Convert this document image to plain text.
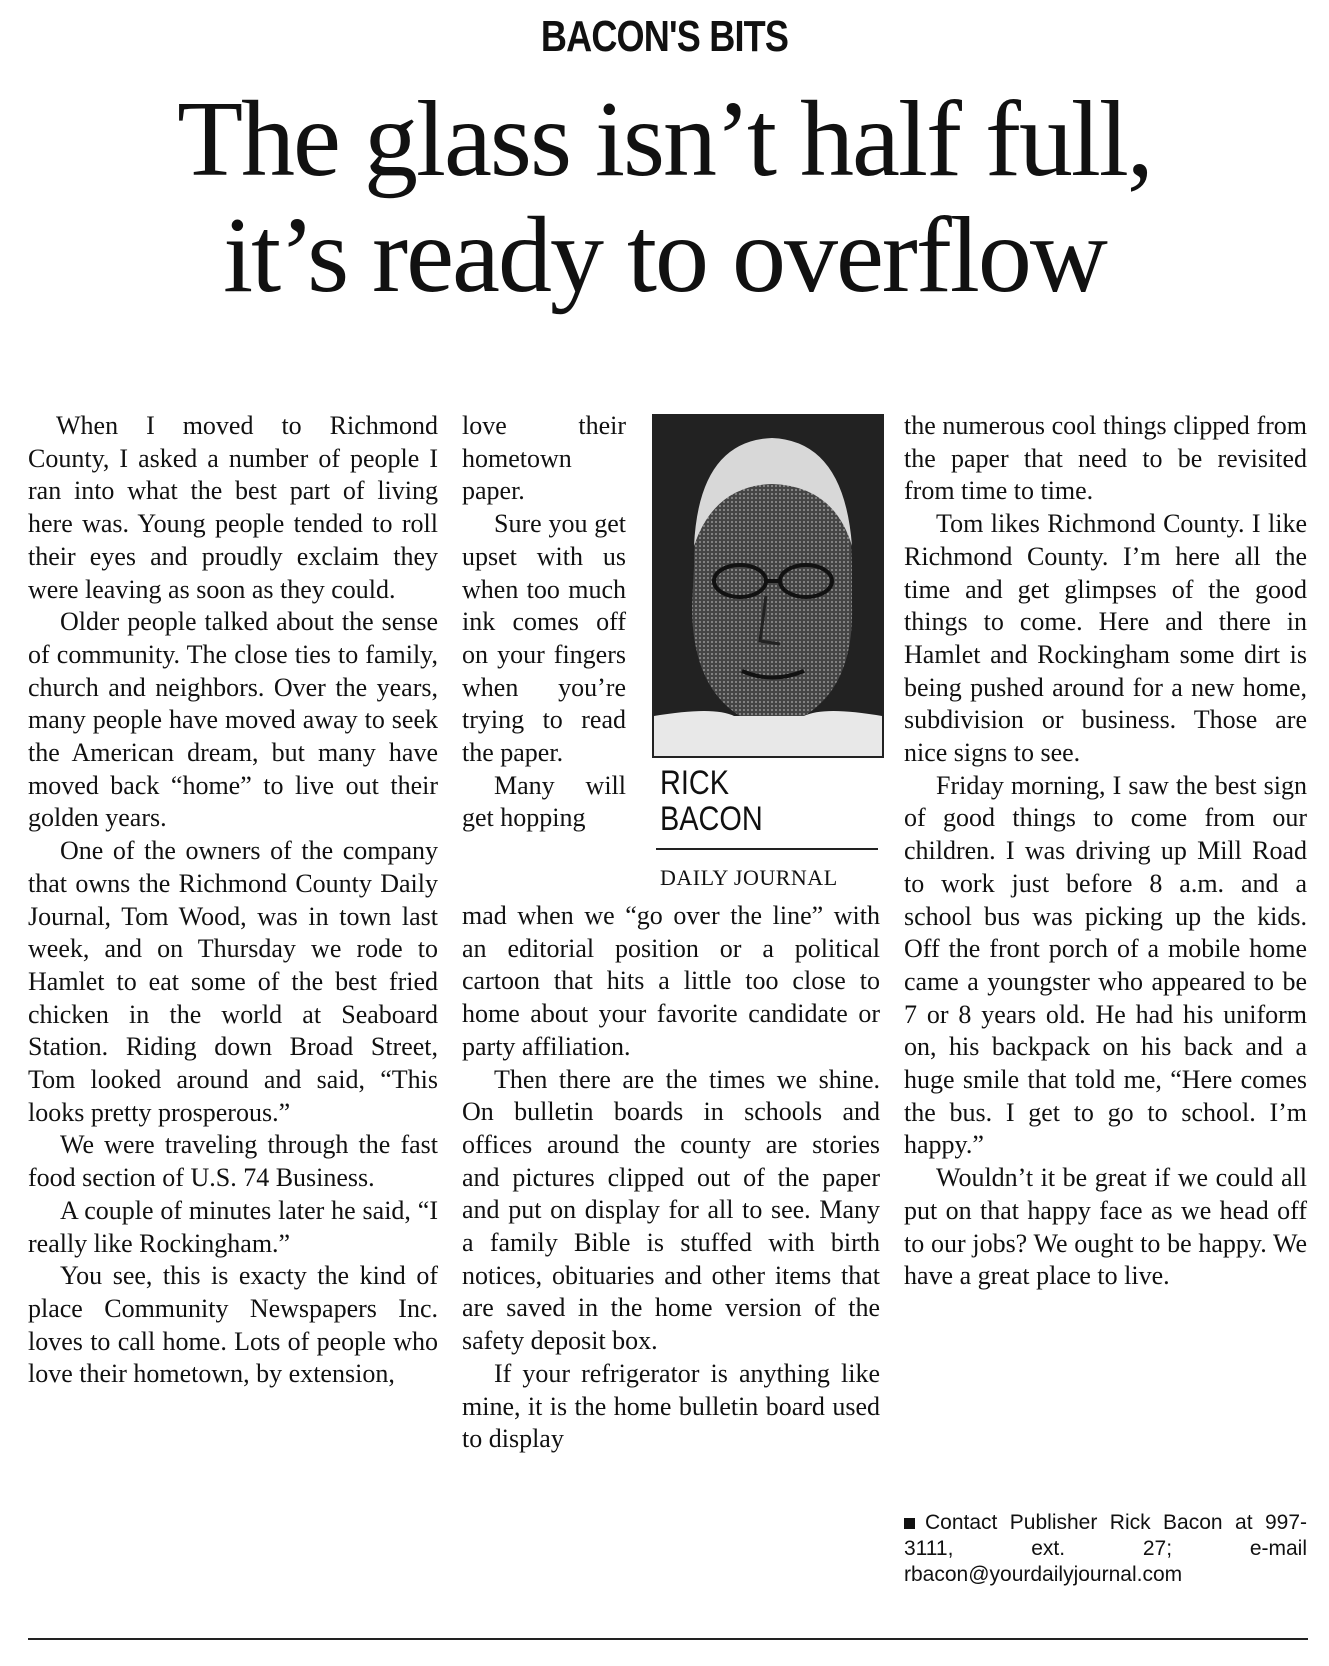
BACON'S BITS
The glass isn’t half full,
it’s ready to overflow

When I moved to Richmond County, I asked a number of people I ran into what the best part of living here was. Young people tended to roll their eyes and proudly exclaim they were leaving as soon as they could.

Older people talked about the sense of community. The close ties to family, church and neighbors. Over the years, many people have moved away to seek the American dream, but many have moved back “home” to live out their golden years.

One of the owners of the company that owns the Richmond County Daily Journal, Tom Wood, was in town last week, and on Thursday we rode to Hamlet to eat some of the best fried chicken in the world at Seaboard Station. Riding down Broad Street, Tom looked around and said, “This looks pretty prosperous.”

We were traveling through the fast food section of U.S. 74 Business.

A couple of minutes later he said, “I really like Rockingham.”

You see, this is exacty the kind of place Community Newspapers Inc. loves to call home. Lots of people who love their hometown, by extension,

love their hometown paper.

Sure you get upset with us when too much ink comes off on your fingers when you’re trying to read the paper.

Many will get hopping

RICK
BACON
DAILY JOURNAL

mad when we “go over the line” with an editorial position or a political cartoon that hits a little too close to home about your favorite candidate or party affiliation.

Then there are the times we shine. On bulletin boards in schools and offices around the county are stories and pictures clipped out of the paper and put on display for all to see. Many a family Bible is stuffed with birth notices, obituaries and other items that are saved in the home version of the safety deposit box.

If your refrigerator is anything like mine, it is the home bulletin board used to display

the numerous cool things clipped from the paper that need to be revisited from time to time.

Tom likes Richmond County. I like Richmond County. I’m here all the time and get glimpses of the good things to come. Here and there in Hamlet and Rockingham some dirt is being pushed around for a new home, subdivision or business. Those are nice signs to see.

Friday morning, I saw the best sign of good things to come from our children. I was driving up Mill Road to work just before 8 a.m. and a school bus was picking up the kids. Off the front porch of a mobile home came a youngster who appeared to be 7 or 8 years old. He had his uniform on, his backpack on his back and a huge smile that told me, “Here comes the bus. I get to go to school. I’m happy.”

Wouldn’t it be great if we could all put on that happy face as we head off to our jobs? We ought to be happy. We have a great place to live.

Contact Publisher Rick Bacon at 997-3111, ext. 27; e-mail rbacon@yourdailyjournal.com
